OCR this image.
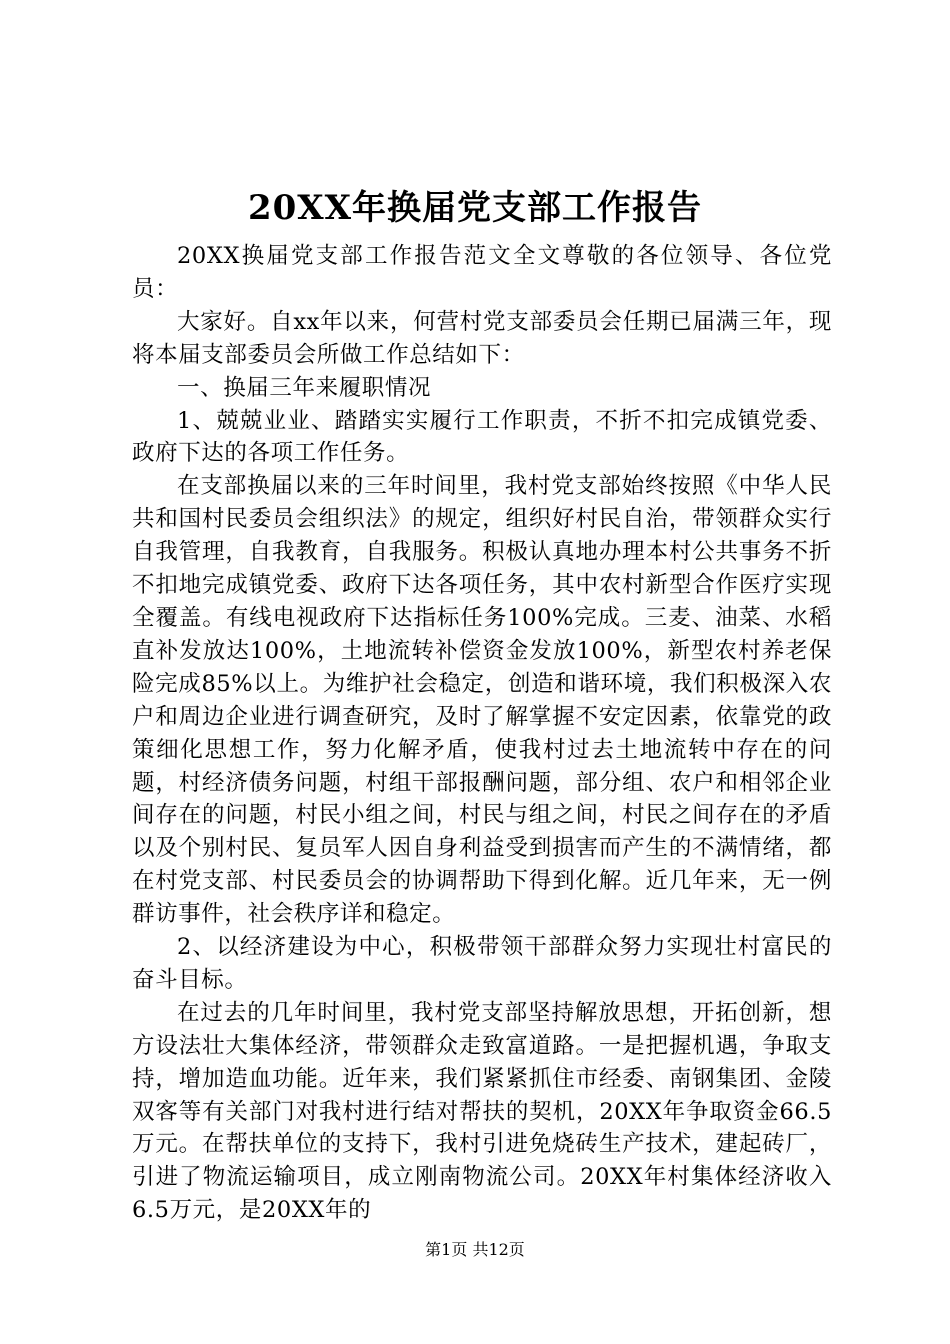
20XX年换届党支部工作报告

20XX换届党支部工作报告范文全文尊敬的各位领导、各位党员：

大家好。自xx年以来，何营村党支部委员会任期已届满三年，现将本届支部委员会所做工作总结如下：

一、换届三年来履职情况

1、兢兢业业、踏踏实实履行工作职责，不折不扣完成镇党委、政府下达的各项工作任务。

在支部换届以来的三年时间里，我村党支部始终按照《中华人民共和国村民委员会组织法》的规定，组织好村民自治，带领群众实行自我管理，自我教育，自我服务。积极认真地办理本村公共事务不折不扣地完成镇党委、政府下达各项任务，其中农村新型合作医疗实现全覆盖。有线电视政府下达指标任务100%完成。三麦、油菜、水稻直补发放达100%，土地流转补偿资金发放100%，新型农村养老保险完成85%以上。为维护社会稳定，创造和谐环境，我们积极深入农户和周边企业进行调查研究，及时了解掌握不安定因素，依靠党的政策细化思想工作，努力化解矛盾，使我村过去土地流转中存在的问题，村经济债务问题，村组干部报酬问题，部分组、农户和相邻企业间存在的问题，村民小组之间，村民与组之间，村民之间存在的矛盾以及个别村民、复员军人因自身利益受到损害而产生的不满情绪，都在村党支部、村民委员会的协调帮助下得到化解。近几年来，无一例群访事件，社会秩序详和稳定。

2、以经济建设为中心，积极带领干部群众努力实现壮村富民的奋斗目标。

在过去的几年时间里，我村党支部坚持解放思想，开拓创新，想方设法壮大集体经济，带领群众走致富道路。一是把握机遇，争取支持，增加造血功能。近年来，我们紧紧抓住市经委、南钢集团、金陵双客等有关部门对我村进行结对帮扶的契机，20XX年争取资金66.5万元。在帮扶单位的支持下，我村引进免烧砖生产技术，建起砖厂，引进了物流运输项目，成立刚南物流公司。20XX年村集体经济收入6.5万元，是20XX年的

第1页 共12页
